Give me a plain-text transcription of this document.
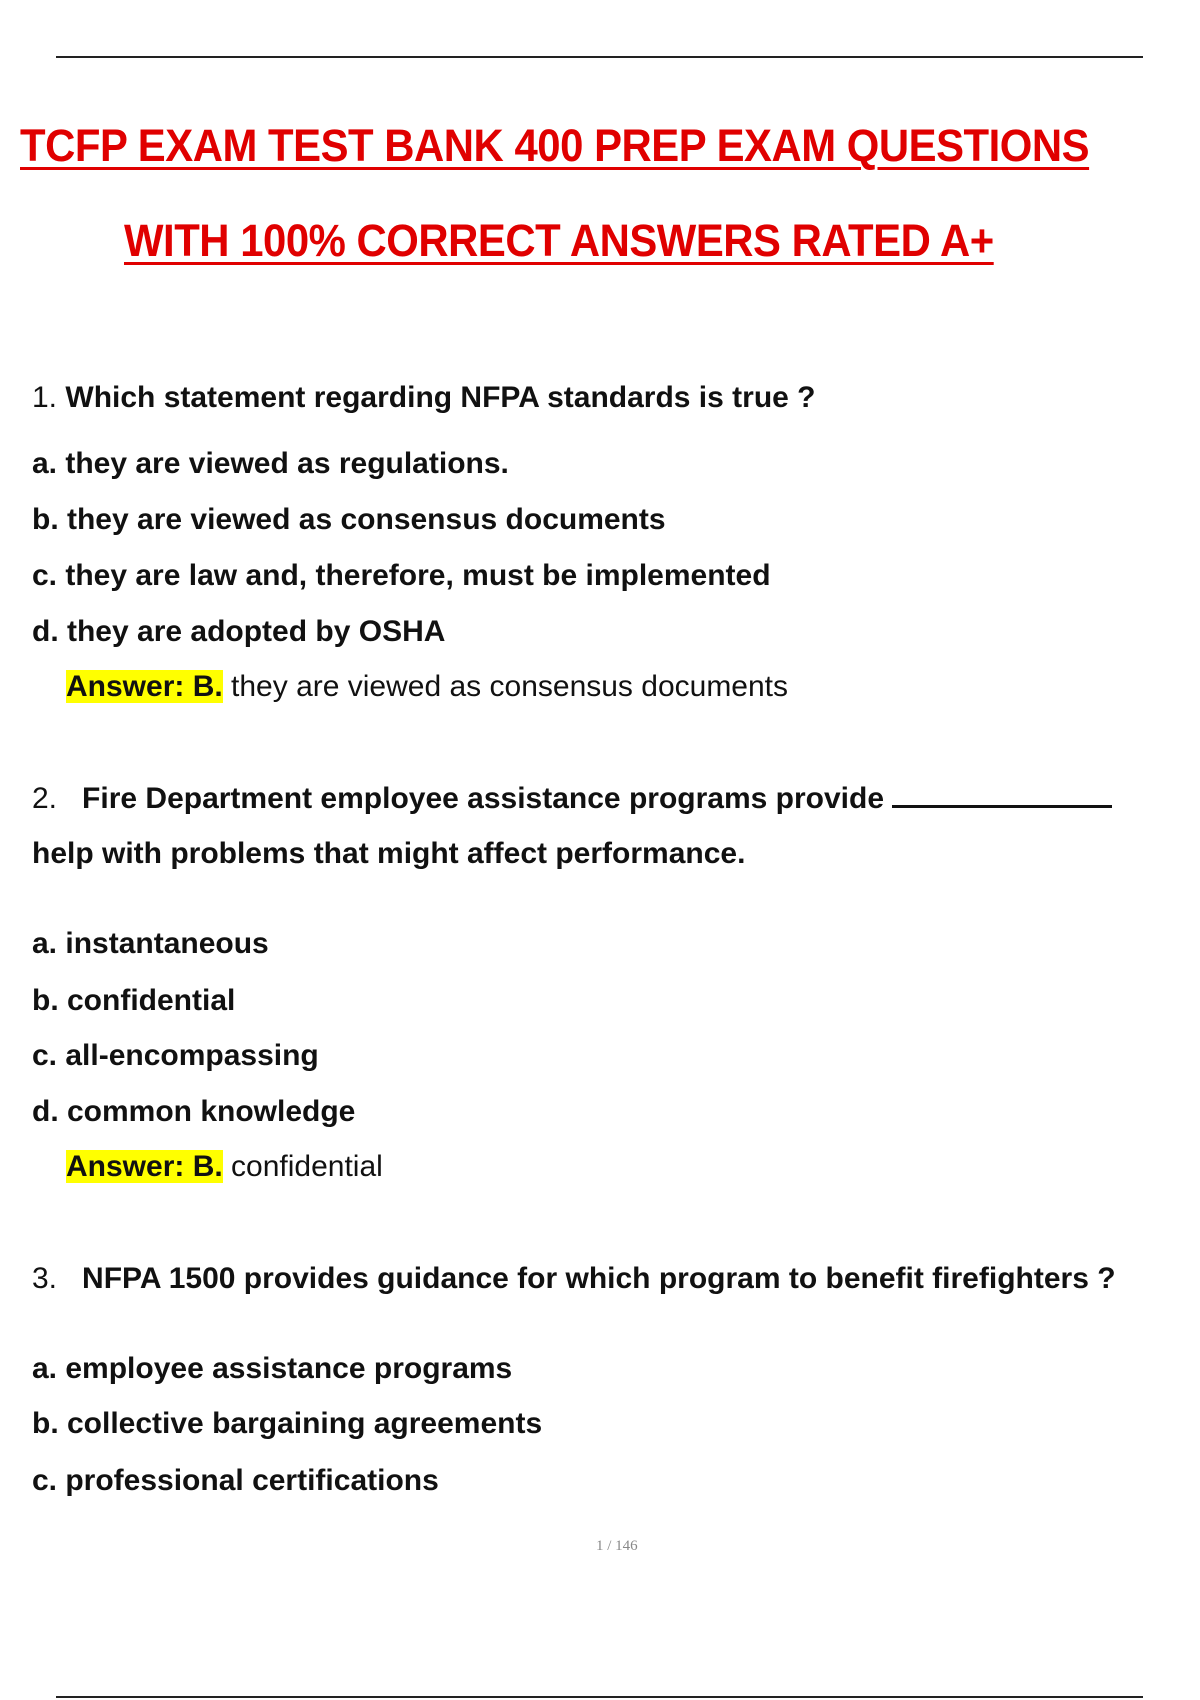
TCFP EXAM TEST BANK 400 PREP EXAM QUESTIONS
WITH 100% CORRECT ANSWERS RATED A+
1. Which statement regarding NFPA standards is true ?
a. they are viewed as regulations.
b. they are viewed as consensus documents
c. they are law and, therefore, must be implemented
d. they are adopted by OSHA
Answer: B. they are viewed as consensus documents
2. Fire Department employee assistance programs provide
help with problems that might affect performance.
a. instantaneous
b. confidential
c. all-encompassing
d. common knowledge
Answer: B. confidential
3. NFPA 1500 provides guidance for which program to benefit firefighters ?
a. employee assistance programs
b. collective bargaining agreements
c. professional certifications
1 / 146
